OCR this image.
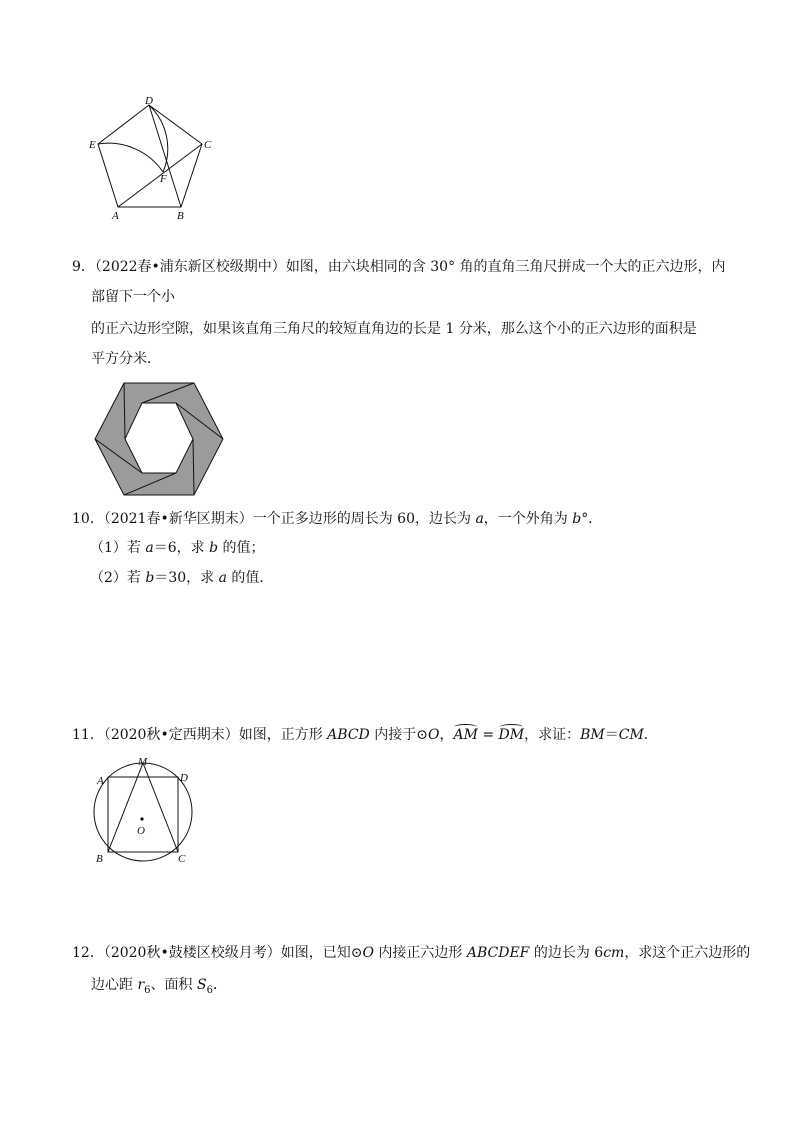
D
E	C
F
A	B
9．（2022春•浦东新区校级期中）如图，由六块相同的含 30° 角的直角三角尺拼成一个大的正六边形，内
部留下一个小
的正六边形空隙，如果该直角三角尺的较短直角边的长是 1 分米，那么这个小的正六边形的面积是
平方分米．
10．（2021春•新华区期末）一个正多边形的周长为 60，边长为 a，一个外角为 b°．
（1）若 a＝6，求 b 的值；
（2）若 b＝30，求 a 的值．
11．（2020秋•定西期末）如图，正方形 ABCD 内接于⊙O，AM = DM，求证：BM＝CM．
M
A	D
O
B	C
12．（2020秋•鼓楼区校级月考）如图，已知⊙O 内接正六边形 ABCDEF 的边长为 6cm，求这个正六边形的
边心距 $r_6$、面积 $S_6$．
